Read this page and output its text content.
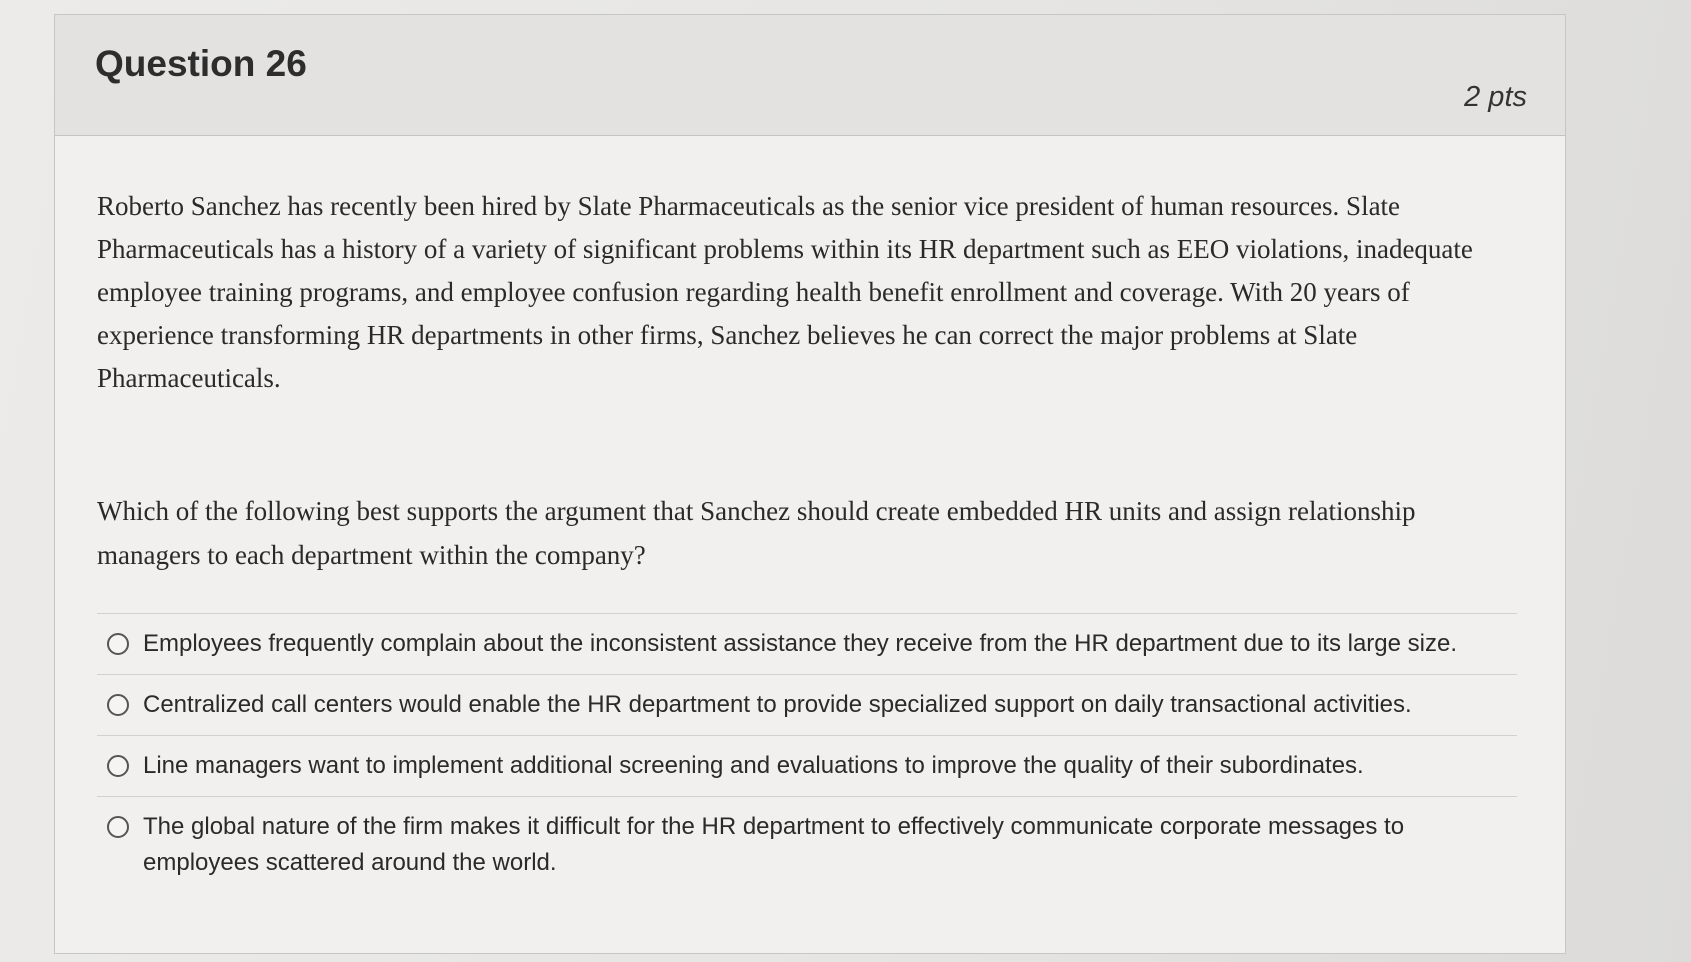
Question 26
2 pts

Roberto Sanchez has recently been hired by Slate Pharmaceuticals as the senior vice president of human resources. Slate Pharmaceuticals has a history of a variety of significant problems within its HR department such as EEO violations, inadequate employee training programs, and employee confusion regarding health benefit enrollment and coverage. With 20 years of experience transforming HR departments in other firms, Sanchez believes he can correct the major problems at Slate Pharmaceuticals.

Which of the following best supports the argument that Sanchez should create embedded HR units and assign relationship managers to each department within the company?

Employees frequently complain about the inconsistent assistance they receive from the HR department due to its large size.
Centralized call centers would enable the HR department to provide specialized support on daily transactional activities.
Line managers want to implement additional screening and evaluations to improve the quality of their subordinates.
The global nature of the firm makes it difficult for the HR department to effectively communicate corporate messages to employees scattered around the world.
